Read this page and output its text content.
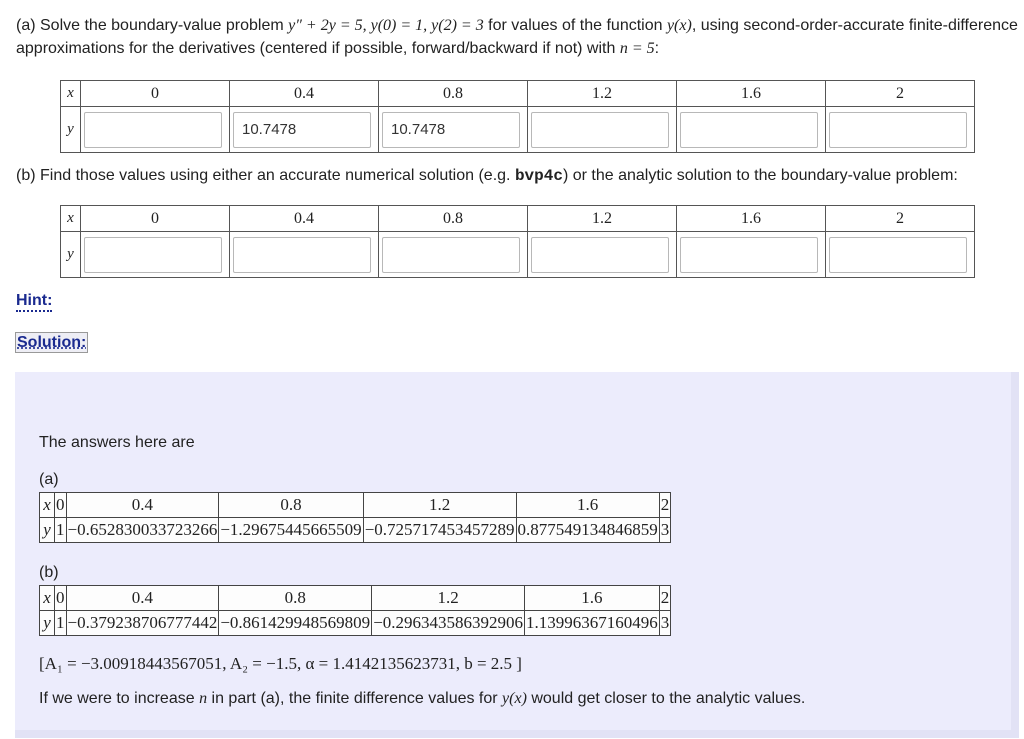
(a) Solve the boundary-value problem y″ + 2y = 5, y(0) = 1, y(2) = 3 for values of the function y(x), using second-order-accurate finite-difference approximations for the derivatives (centered if possible, forward/backward if not) with n = 5:
x	0	0.4	0.8	1.2	1.6	2
y		10.7478	10.7478			
(b) Find those values using either an accurate numerical solution (e.g. bvp4c) or the analytic solution to the boundary-value problem:
x	0	0.4	0.8	1.2	1.6	2
y						
Hint:
Solution:
The answers here are
(a)
x	0	0.4	0.8	1.2	1.6	2
y	1	−0.652830033723266	−1.29675445665509	−0.725717453457289	0.877549134846859	3
(b)
x	0	0.4	0.8	1.2	1.6	2
y	1	−0.379238706777442	−0.861429948569809	−0.296343586392906	1.13996367160496	3
[A₁ = −3.00918443567051, A₂ = −1.5, α = 1.4142135623731, b = 2.5 ]
If we were to increase n in part (a), the finite difference values for y(x) would get closer to the analytic values.
